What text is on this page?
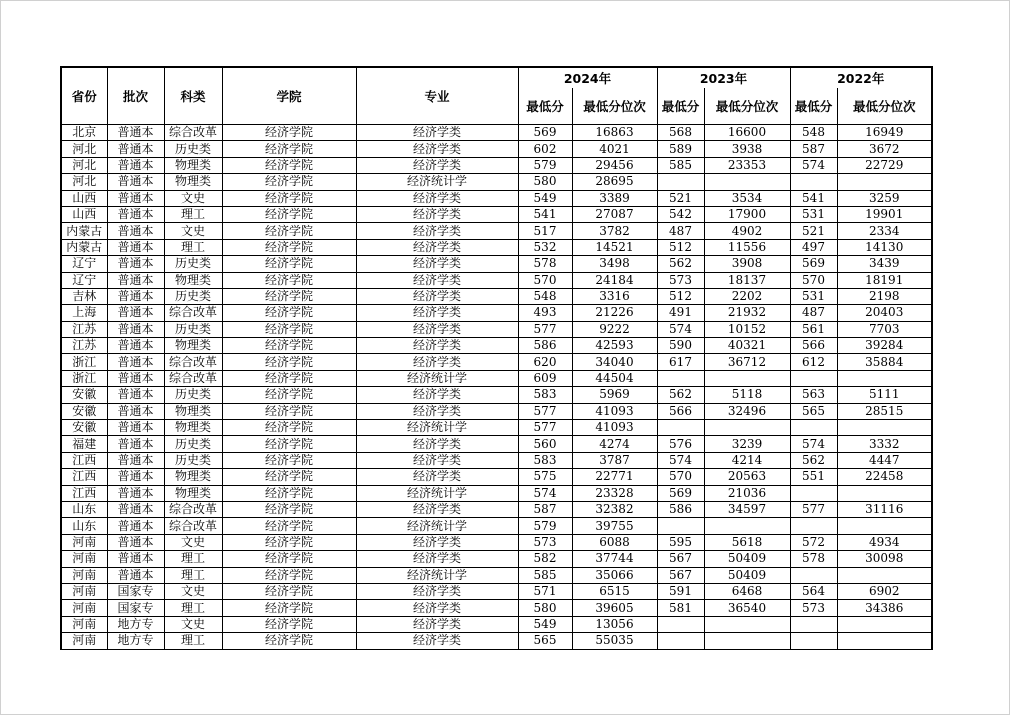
省份	批次	科类	学院	专业	2024年		2023年		2022年	
					最低分	最低分位次	最低分	最低分位次	最低分	最低分位次
北京	普通本	综合改革	经济学院	经济学类	569	16863	568	16600	548	16949
河北	普通本	历史类	经济学院	经济学类	602	4021	589	3938	587	3672
河北	普通本	物理类	经济学院	经济学类	579	29456	585	23353	574	22729
河北	普通本	物理类	经济学院	经济统计学	580	28695				
山西	普通本	文史	经济学院	经济学类	549	3389	521	3534	541	3259
山西	普通本	理工	经济学院	经济学类	541	27087	542	17900	531	19901
内蒙古	普通本	文史	经济学院	经济学类	517	3782	487	4902	521	2334
内蒙古	普通本	理工	经济学院	经济学类	532	14521	512	11556	497	14130
辽宁	普通本	历史类	经济学院	经济学类	578	3498	562	3908	569	3439
辽宁	普通本	物理类	经济学院	经济学类	570	24184	573	18137	570	18191
吉林	普通本	历史类	经济学院	经济学类	548	3316	512	2202	531	2198
上海	普通本	综合改革	经济学院	经济学类	493	21226	491	21932	487	20403
江苏	普通本	历史类	经济学院	经济学类	577	9222	574	10152	561	7703
江苏	普通本	物理类	经济学院	经济学类	586	42593	590	40321	566	39284
浙江	普通本	综合改革	经济学院	经济学类	620	34040	617	36712	612	35884
浙江	普通本	综合改革	经济学院	经济统计学	609	44504				
安徽	普通本	历史类	经济学院	经济学类	583	5969	562	5118	563	5111
安徽	普通本	物理类	经济学院	经济学类	577	41093	566	32496	565	28515
安徽	普通本	物理类	经济学院	经济统计学	577	41093				
福建	普通本	历史类	经济学院	经济学类	560	4274	576	3239	574	3332
江西	普通本	历史类	经济学院	经济学类	583	3787	574	4214	562	4447
江西	普通本	物理类	经济学院	经济学类	575	22771	570	20563	551	22458
江西	普通本	物理类	经济学院	经济统计学	574	23328	569	21036		
山东	普通本	综合改革	经济学院	经济学类	587	32382	586	34597	577	31116
山东	普通本	综合改革	经济学院	经济统计学	579	39755				
河南	普通本	文史	经济学院	经济学类	573	6088	595	5618	572	4934
河南	普通本	理工	经济学院	经济学类	582	37744	567	50409	578	30098
河南	普通本	理工	经济学院	经济统计学	585	35066	567	50409		
河南	国家专	文史	经济学院	经济学类	571	6515	591	6468	564	6902
河南	国家专	理工	经济学院	经济学类	580	39605	581	36540	573	34386
河南	地方专	文史	经济学院	经济学类	549	13056				
河南	地方专	理工	经济学院	经济学类	565	55035				
